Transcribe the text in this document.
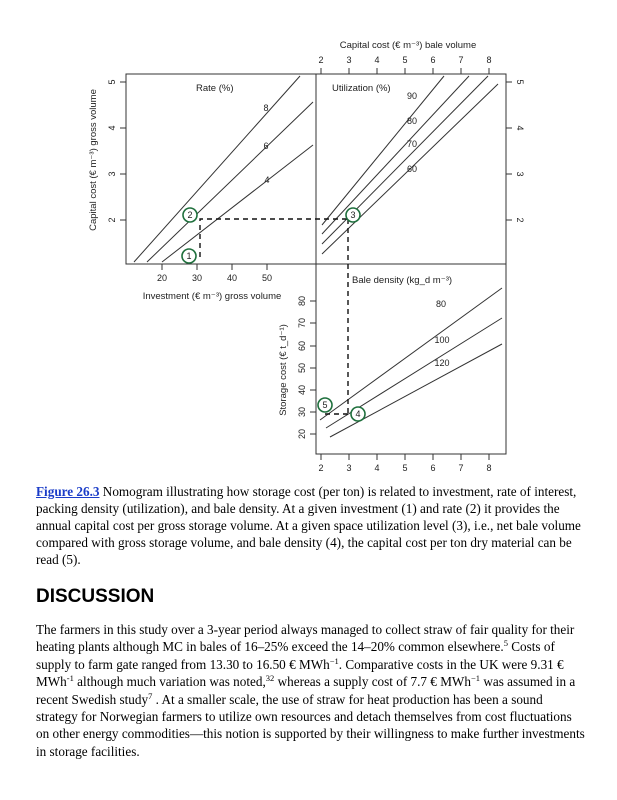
Capital cost (€ m⁻³) bale volume
2	3	4	5	6	7	8
5
4
3
2
Capital cost (€ m⁻³) gross volume
5
4
3
2
20	30	40	50
Investment (€ m⁻³) gross volume 80
70
60
50
40
30
20
Storage cost (€ t_d⁻¹)
2	3	4	5	6	7	8
Rate (%)	Utilization (%)
Bale density (kg_d m⁻³)
8
6
4
90
80
70
60
80
100
120
1
2	3
4
5
Figure 26.3 Nomogram illustrating how storage cost (per ton) is related to investment, rate of interest, packing density (utilization), and bale density. At a given investment (1) and rate (2) it provides the annual capital cost per gross storage volume. At a given space utilization level (3), i.e., net bale volume compared with gross storage volume, and bale density (4), the capital cost per ton dry material can be read (5).
DISCUSSION

The farmers in this study over a 3-year period always managed to collect straw of fair quality for their heating plants although MC in bales of 16–25% exceed the 14–20% common elsewhere.$^5$ Costs of supply to farm gate ranged from 13.30 to 16.50 € MWh$^{-1}$. Comparative costs in the UK were 9.31 € MWh$^{-1}$ although much variation was noted,$^{32}$ whereas a supply cost of 7.7 € MWh$^{-1}$ was assumed in a recent Swedish study$^7$ . At a smaller scale, the use of straw for heat production has been a sound strategy for Norwegian farmers to utilize own resources and detach themselves from cost fluctuations on other energy commodities—this notion is supported by their willingness to make further investments in storage facilities.
